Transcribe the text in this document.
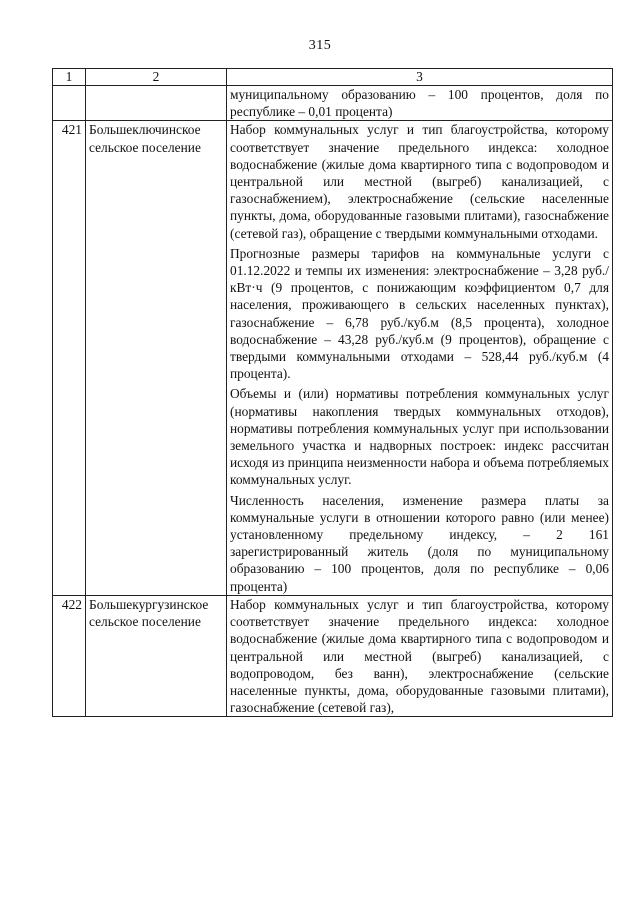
315
1	2	3

		муниципальному образованию – 100 процентов, доля по республике – 0,01 процента)

421	Большеключинское сельское поселение	Набор коммунальных услуг и тип благоустройства, которому соответствует значение предельного индекса: холодное водоснабжение (жилые дома квартирного типа с водопроводом и центральной или местной (выгреб) канализацией, с газоснабжением), электроснабжение (сельские населенные пункты, дома, оборудованные газовыми плитами), газоснабжение (сетевой газ), обращение с твердыми коммунальными отходами.

Прогнозные размеры тарифов на коммунальные услуги с 01.12.2022 и темпы их изменения: электроснабжение – 3,28 руб./кВт·ч (9 процентов, с понижающим коэффициентом 0,7 для населения, проживающего в сельских населенных пунктах), газоснабжение – 6,78 руб./куб.м (8,5 процента), холодное водоснабжение – 43,28 руб./куб.м (9 процентов), обращение с твердыми коммунальными отходами – 528,44 руб./куб.м (4 процента).

Объемы и (или) нормативы потребления коммунальных услуг (нормативы накопления твердых коммунальных отходов), нормативы потребления коммунальных услуг при использовании земельного участка и надворных построек: индекс рассчитан исходя из принципа неизменности набора и объема потребляемых коммунальных услуг.

Численность населения, изменение размера платы за коммунальные услуги в отношении которого равно (или менее) установленному предельному индексу, – 2 161 зарегистрированный житель (доля по муниципальному образованию – 100 процентов, доля по республике – 0,06 процента)

422	Большекургузинское сельское поселение	Набор коммунальных услуг и тип благоустройства, которому соответствует значение предельного индекса: холодное водоснабжение (жилые дома квартирного типа с водопроводом и центральной или местной (выгреб) канализацией, с водопроводом, без ванн), электроснабжение (сельские населенные пункты, дома, оборудованные газовыми плитами), газоснабжение (сетевой газ),
